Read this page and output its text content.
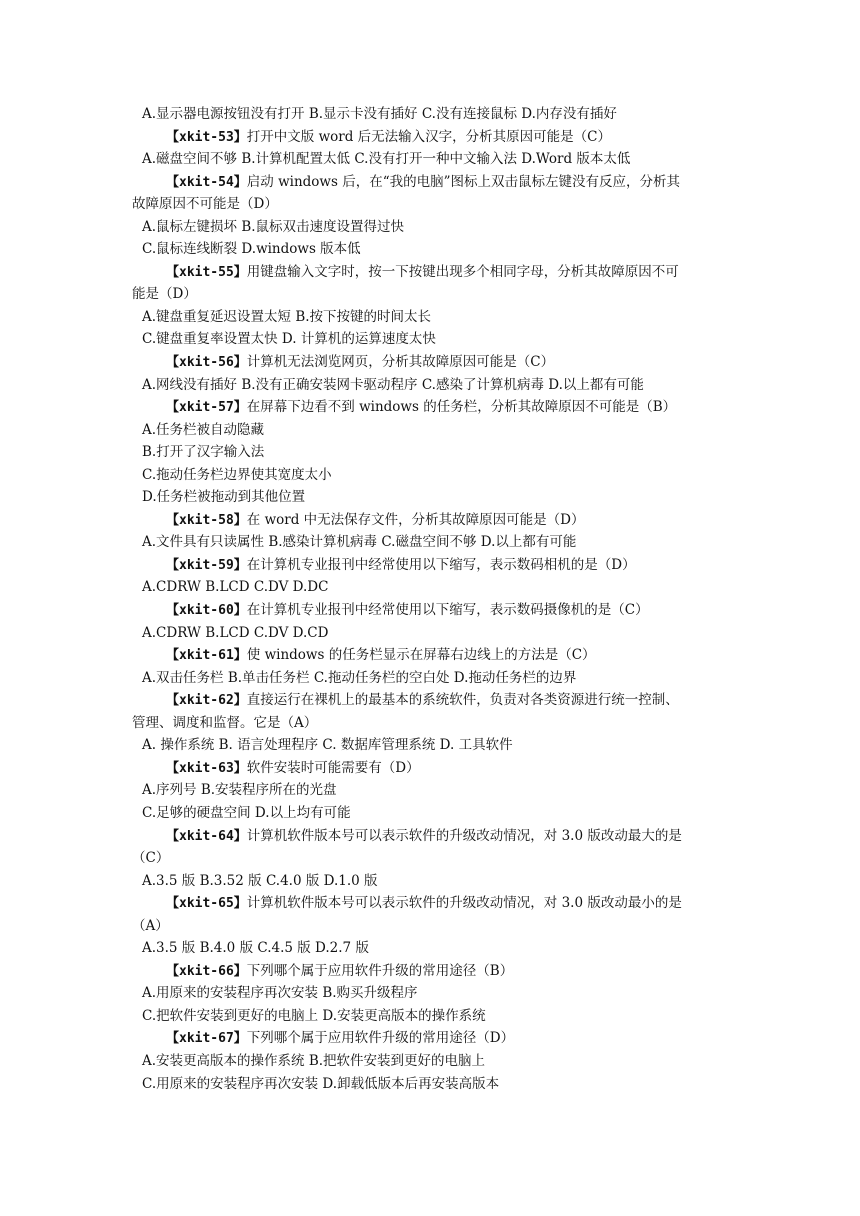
A.显示器电源按钮没有打开 B.显示卡没有插好 C.没有连接鼠标 D.内存没有插好
【xkit-53】打开中文版 word 后无法输入汉字，分析其原因可能是（C）
A.磁盘空间不够 B.计算机配置太低 C.没有打开一种中文输入法 D.Word 版本太低
【xkit-54】启动 windows 后，在“我的电脑”图标上双击鼠标左键没有反应，分析其
故障原因不可能是（D）
A.鼠标左键损坏 B.鼠标双击速度设置得过快
C.鼠标连线断裂 D.windows 版本低
【xkit-55】用键盘输入文字时，按一下按键出现多个相同字母，分析其故障原因不可
能是（D）
A.键盘重复延迟设置太短 B.按下按键的时间太长
C.键盘重复率设置太快 D. 计算机的运算速度太快
【xkit-56】计算机无法浏览网页，分析其故障原因可能是（C）
A.网线没有插好 B.没有正确安装网卡驱动程序 C.感染了计算机病毒 D.以上都有可能
【xkit-57】在屏幕下边看不到 windows 的任务栏，分析其故障原因不可能是（B）
A.任务栏被自动隐藏
B.打开了汉字输入法
C.拖动任务栏边界使其宽度太小
D.任务栏被拖动到其他位置
【xkit-58】在 word 中无法保存文件，分析其故障原因可能是（D）
A.文件具有只读属性 B.感染计算机病毒 C.磁盘空间不够 D.以上都有可能
【xkit-59】在计算机专业报刊中经常使用以下缩写，表示数码相机的是（D）
A.CDRW B.LCD C.DV D.DC
【xkit-60】在计算机专业报刊中经常使用以下缩写，表示数码摄像机的是（C）
A.CDRW B.LCD C.DV D.CD
【xkit-61】使 windows 的任务栏显示在屏幕右边线上的方法是（C）
A.双击任务栏 B.单击任务栏 C.拖动任务栏的空白处 D.拖动任务栏的边界
【xkit-62】直接运行在裸机上的最基本的系统软件，负责对各类资源进行统一控制、
管理、调度和监督。它是（A）
A. 操作系统 B. 语言处理程序 C. 数据库管理系统 D. 工具软件
【xkit-63】软件安装时可能需要有（D）
A.序列号 B.安装程序所在的光盘
C.足够的硬盘空间 D.以上均有可能
【xkit-64】计算机软件版本号可以表示软件的升级改动情况，对 3.0 版改动最大的是
（C）
A.3.5 版 B.3.52 版 C.4.0 版 D.1.0 版
【xkit-65】计算机软件版本号可以表示软件的升级改动情况，对 3.0 版改动最小的是
（A）
A.3.5 版 B.4.0 版 C.4.5 版 D.2.7 版
【xkit-66】下列哪个属于应用软件升级的常用途径（B）
A.用原来的安装程序再次安装 B.购买升级程序
C.把软件安装到更好的电脑上 D.安装更高版本的操作系统
【xkit-67】下列哪个属于应用软件升级的常用途径（D）
A.安装更高版本的操作系统 B.把软件安装到更好的电脑上
C.用原来的安装程序再次安装 D.卸载低版本后再安装高版本
